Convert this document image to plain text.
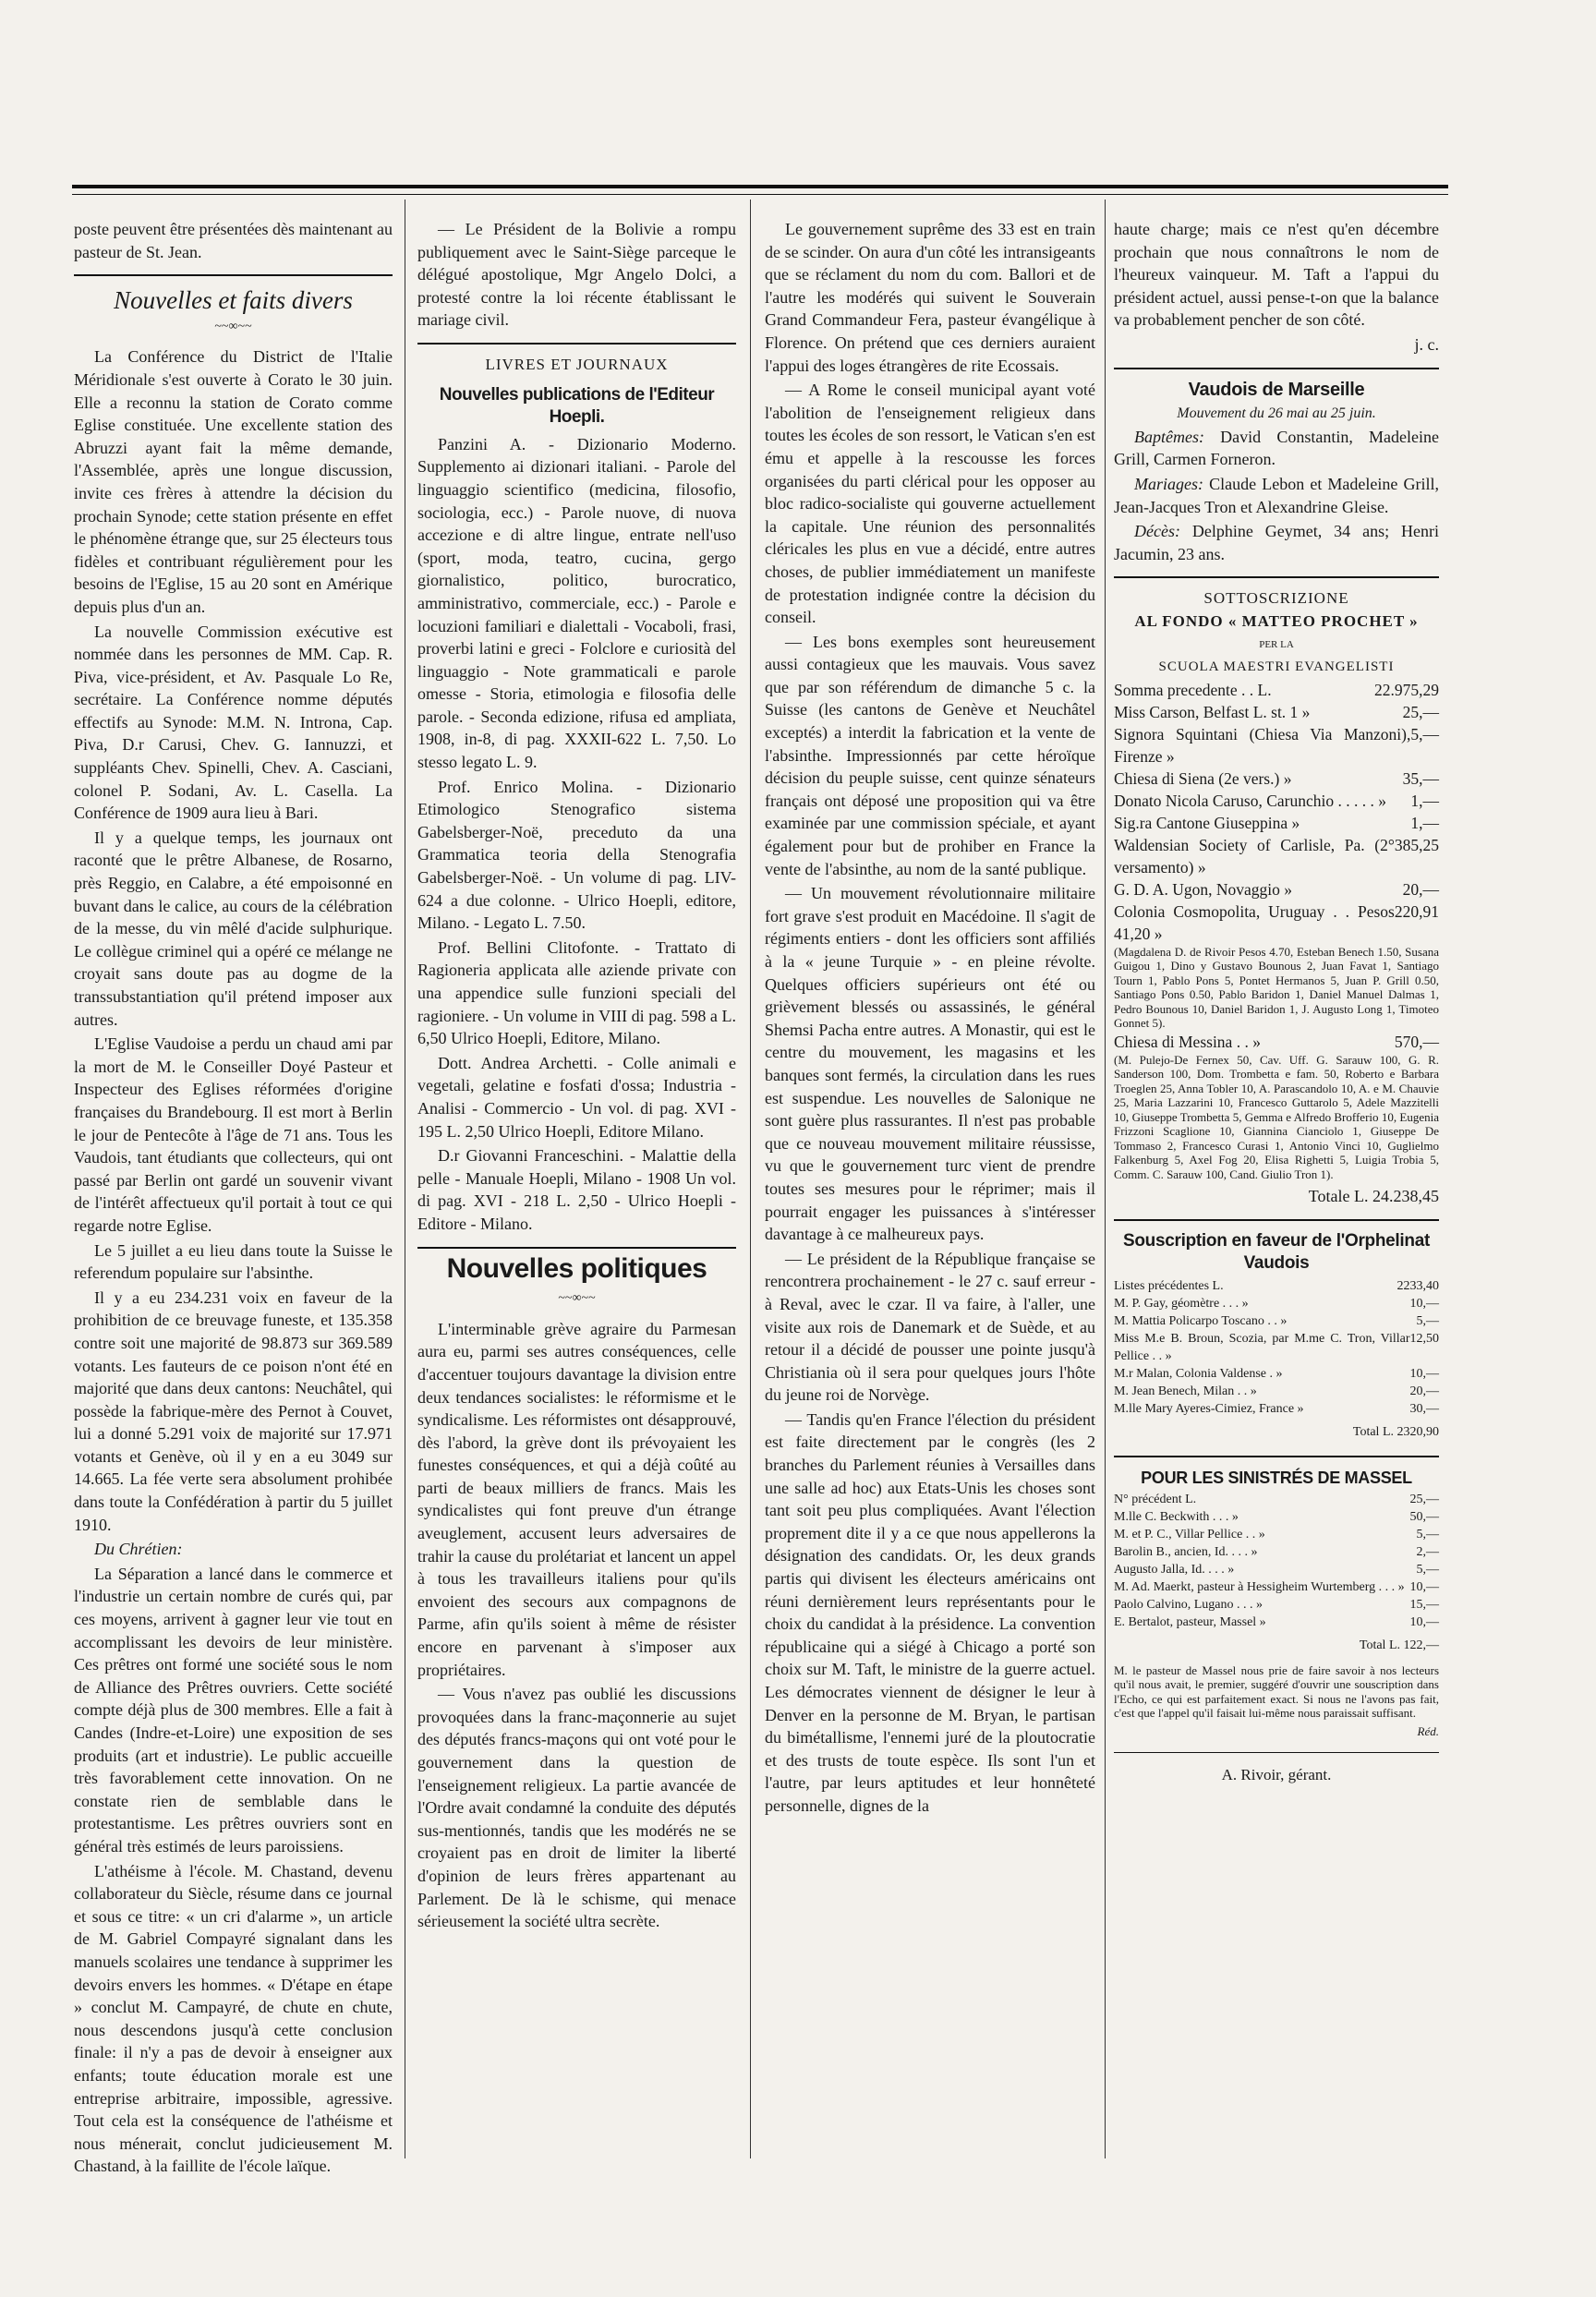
poste peuvent être présentées dès maintenant au pasteur de St. Jean.

Nouvelles et faits divers
~~∞~~

La Conférence du District de l'Italie Méridionale s'est ouverte à Corato le 30 juin. Elle a reconnu la station de Corato comme Eglise constituée. Une excellente station des Abruzzi ayant fait la même demande, l'Assemblée, après une longue discussion, invite ces frères à attendre la décision du prochain Synode; cette station présente en effet le phénomène étrange que, sur 25 électeurs tous fidèles et contribuant régulièrement pour les besoins de l'Eglise, 15 au 20 sont en Amérique depuis plus d'un an.

La nouvelle Commission exécutive est nommée dans les personnes de MM. Cap. R. Piva, vice-président, et Av. Pasquale Lo Re, secrétaire. La Conférence nomme députés effectifs au Synode: M.M. N. Introna, Cap. Piva, D.r Carusi, Chev. G. Iannuzzi, et suppléants Chev. Spinelli, Chev. A. Casciani, colonel P. Sodani, Av. L. Casella. La Conférence de 1909 aura lieu à Bari.

Il y a quelque temps, les journaux ont raconté que le prêtre Albanese, de Rosarno, près Reggio, en Calabre, a été empoisonné en buvant dans le calice, au cours de la célébration de la messe, du vin mêlé d'acide sulphurique. Le collègue criminel qui a opéré ce mélange ne croyait sans doute pas au dogme de la transsubstantiation qu'il prétend imposer aux autres.

L'Eglise Vaudoise a perdu un chaud ami par la mort de M. le Conseiller Doyé Pasteur et Inspecteur des Eglises réformées d'origine françaises du Brandebourg. Il est mort à Berlin le jour de Pentecôte à l'âge de 71 ans. Tous les Vaudois, tant étudiants que collecteurs, qui ont passé par Berlin ont gardé un souvenir vivant de l'intérêt affectueux qu'il portait à tout ce qui regarde notre Eglise.

Le 5 juillet a eu lieu dans toute la Suisse le referendum populaire sur l'absinthe.

Il y a eu 234.231 voix en faveur de la prohibition de ce breuvage funeste, et 135.358 contre soit une majorité de 98.873 sur 369.589 votants. Les fauteurs de ce poison n'ont été en majorité que dans deux cantons: Neuchâtel, qui possède la fabrique-mère des Pernot à Couvet, lui a donné 5.291 voix de majorité sur 17.971 votants et Genève, où il y en a eu 3049 sur 14.665. La fée verte sera absolument prohibée dans toute la Confédération à partir du 5 juillet 1910.

Du Chrétien:

La Séparation a lancé dans le commerce et l'industrie un certain nombre de curés qui, par ces moyens, arrivent à gagner leur vie tout en accomplissant les devoirs de leur ministère. Ces prêtres ont formé une société sous le nom de Alliance des Prêtres ouvriers. Cette société compte déjà plus de 300 membres. Elle a fait à Candes (Indre-et-Loire) une exposition de ses produits (art et industrie). Le public accueille très favorablement cette innovation. On ne constate rien de semblable dans le protestantisme. Les prêtres ouvriers sont en général très estimés de leurs paroissiens.

L'athéisme à l'école. M. Chastand, devenu collaborateur du Siècle, résume dans ce journal et sous ce titre: « un cri d'alarme », un article de M. Gabriel Compayré signalant dans les manuels scolaires une tendance à supprimer les devoirs envers les hommes. « D'étape en étape » conclut M. Campayré, de chute en chute, nous descendons jusqu'à cette conclusion finale: il n'y a pas de devoir à enseigner aux enfants; toute éducation morale est une entreprise arbitraire, impossible, agressive. Tout cela est la conséquence de l'athéisme et nous ménerait, conclut judicieusement M. Chastand, à la faillite de l'école laïque.

— Le Président de la Bolivie a rompu publiquement avec le Saint-Siège parceque le délégué apostolique, Mgr Angelo Dolci, a protesté contre la loi récente établissant le mariage civil.

LIVRES ET JOURNAUX

Nouvelles publications de l'Editeur Hoepli.

Panzini A. - Dizionario Moderno. Supplemento ai dizionari italiani. - Parole del linguaggio scientifico (medicina, filosofio, sociologia, ecc.) - Parole nuove, di nuova accezione e di altre lingue, entrate nell'uso (sport, moda, teatro, cucina, gergo giornalistico, politico, burocratico, amministrativo, commerciale, ecc.) - Parole e locuzioni familiari e dialettali - Vocaboli, frasi, proverbi latini e greci - Folclore e curiosità del linguaggio - Note grammaticali e parole omesse - Storia, etimologia e filosofia delle parole. - Seconda edizione, rifusa ed ampliata, 1908, in-8, di pag. XXXII-622 L. 7,50. Lo stesso legato L. 9.

Prof. Enrico Molina. - Dizionario Etimologico Stenografico sistema Gabelsberger-Noë, preceduto da una Grammatica teoria della Stenografia Gabelsberger-Noë. - Un volume di pag. LIV-624 a due colonne. - Ulrico Hoepli, editore, Milano. - Legato L. 7.50.

Prof. Bellini Clitofonte. - Trattato di Ragioneria applicata alle aziende private con una appendice sulle funzioni speciali del ragioniere. - Un volume in VIII di pag. 598 a L. 6,50 Ulrico Hoepli, Editore, Milano.

Dott. Andrea Archetti. - Colle animali e vegetali, gelatine e fosfati d'ossa; Industria - Analisi - Commercio - Un vol. di pag. XVI - 195 L. 2,50 Ulrico Hoepli, Editore Milano.

D.r Giovanni Franceschini. - Malattie della pelle - Manuale Hoepli, Milano - 1908 Un vol. di pag. XVI - 218 L. 2,50 - Ulrico Hoepli - Editore - Milano.

Nouvelles politiques
~~∞~~

L'interminable grève agraire du Parmesan aura eu, parmi ses autres conséquences, celle d'accentuer toujours davantage la division entre deux tendances socialistes: le réformisme et le syndicalisme. Les réformistes ont désapprouvé, dès l'abord, la grève dont ils prévoyaient les funestes conséquences, et qui a déjà coûté au parti de beaux milliers de francs. Mais les syndicalistes qui font preuve d'un étrange aveuglement, accusent leurs adversaires de trahir la cause du prolétariat et lancent un appel à tous les travailleurs italiens pour qu'ils envoient des secours aux compagnons de Parme, afin qu'ils soient à même de résister encore en parvenant à s'imposer aux propriétaires.

— Vous n'avez pas oublié les discussions provoquées dans la franc-maçonnerie au sujet des députés francs-maçons qui ont voté pour le gouvernement dans la question de l'enseignement religieux. La partie avancée de l'Ordre avait condamné la conduite des députés sus-mentionnés, tandis que les modérés ne se croyaient pas en droit de limiter la liberté d'opinion de leurs frères appartenant au Parlement. De là le schisme, qui menace sérieusement la société ultra secrète.

Le gouvernement suprême des 33 est en train de se scinder. On aura d'un côté les intransigeants que se réclament du nom du com. Ballori et de l'autre les modérés qui suivent le Souverain Grand Commandeur Fera, pasteur évangélique à Florence. On prétend que ces derniers auraient l'appui des loges étrangères de rite Ecossais.

— A Rome le conseil municipal ayant voté l'abolition de l'enseignement religieux dans toutes les écoles de son ressort, le Vatican s'en est ému et appelle à la rescousse les forces organisées du parti clérical pour les opposer au bloc radico-socialiste qui gouverne actuellement la capitale. Une réunion des personnalités cléricales les plus en vue a décidé, entre autres choses, de publier immédiatement un manifeste de protestation indignée contre la décision du conseil.

— Les bons exemples sont heureusement aussi contagieux que les mauvais. Vous savez que par son référendum de dimanche 5 c. la Suisse (les cantons de Genève et Neuchâtel exceptés) a interdit la fabrication et la vente de l'absinthe. Impressionnés par cette héroïque décision du peuple suisse, cent quinze sénateurs français ont déposé une proposition qui va être examinée par une commission spéciale, et ayant également pour but de prohiber en France la vente de l'absinthe, au nom de la santé publique.

— Un mouvement révolutionnaire militaire fort grave s'est produit en Macédoine. Il s'agit de régiments entiers - dont les officiers sont affiliés à la « jeune Turquie » - en pleine révolte. Quelques officiers supérieurs ont été ou grièvement blessés ou assassinés, le général Shemsi Pacha entre autres. A Monastir, qui est le centre du mouvement, les magasins et les banques sont fermés, la circulation dans les rues est suspendue. Les nouvelles de Salonique ne sont guère plus rassurantes. Il n'est pas probable que ce nouveau mouvement militaire réussisse, vu que le gouvernement turc vient de prendre toutes ses mesures pour le réprimer; mais il pourrait engager les puissances à s'intéresser davantage à ce malheureux pays.

— Le président de la République française se rencontrera prochainement - le 27 c. sauf erreur - à Reval, avec le czar. Il va faire, à l'aller, une visite aux rois de Danemark et de Suède, et au retour il a décidé de pousser une pointe jusqu'à Christiania où il sera pour quelques jours l'hôte du jeune roi de Norvège.

— Tandis qu'en France l'élection du président est faite directement par le congrès (les 2 branches du Parlement réunies à Versailles dans une salle ad hoc) aux Etats-Unis les choses sont tant soit peu plus compliquées. Avant l'élection proprement dite il y a ce que nous appellerons la désignation des candidats. Or, les deux grands partis qui divisent les électeurs américains ont réuni dernièrement leurs représentants pour le choix du candidat à la présidence. La convention républicaine qui a siégé à Chicago a porté son choix sur M. Taft, le ministre de la guerre actuel. Les démocrates viennent de désigner le leur à Denver en la personne de M. Bryan, le partisan du bimétallisme, l'ennemi juré de la ploutocratie et des trusts de toute espèce. Ils sont l'un et l'autre, par leurs aptitudes et leur honnêteté personnelle, dignes de la

haute charge; mais ce n'est qu'en décembre prochain que nous connaîtrons le nom de l'heureux vainqueur. M. Taft a l'appui du président actuel, aussi pense-t-on que la balance va probablement pencher de son côté.

j. c.
Vaudois de Marseille
Mouvement du 26 mai au 25 juin.

Baptêmes: David Constantin, Madeleine Grill, Carmen Forneron.

Mariages: Claude Lebon et Madeleine Grill, Jean-Jacques Tron et Alexandrine Gleise.

Décès: Delphine Geymet, 34 ans; Henri Jacumin, 23 ans.

SOTTOSCRIZIONE
AL FONDO « MATTEO PROCHET »
PER LA
SCUOLA MAESTRI EVANGELISTI
Somma precedente . . L.	22.975,29
Miss Carson, Belfast L. st. 1 »	25,—
Signora Squintani (Chiesa Via Manzoni), Firenze »
5,—
Chiesa di Siena (2e vers.) »	35,—
Donato Nicola Caruso, Carunchio . . . . . » 1,—
Sig.ra Cantone Giuseppina »	1,—
Waldensian Society of Carlisle, Pa. (2° versamento) »
385,25
G. D. A. Ugon, Novaggio »	20,—
Colonia Cosmopolita, Uruguay . . Pesos 41,20 »
220,91
(Magdalena D. de Rivoir Pesos 4.70, Esteban Benech 1.50, Susana Guigou 1, Dino y Gustavo Bounous 2, Juan Favat 1, Santiago Tourn 1, Pablo Pons 5, Pontet Hermanos 5, Juan P. Grill 0.50, Santiago Pons 0.50, Pablo Baridon 1, Daniel Manuel Dalmas 1, Pedro Bounous 10, Daniel Baridon 1, J. Augusto Long 1, Timoteo Gonnet 5).
Chiesa di Messina . . »	570,—
(M. Pulejo-De Fernex 50, Cav. Uff. G. Sarauw 100, G. R. Sanderson 100, Dom. Trombetta e fam. 50, Roberto e Barbara Troeglen 25, Anna Tobler 10, A. Parascandolo 10, A. e M. Chauvie 25, Maria Lazzarini 10, Francesco Guttarolo 5, Adele Mazzitelli 10, Giuseppe Trombetta 5, Gemma e Alfredo Brofferio 10, Eugenia Frizzoni Scaglione 10, Giannina Cianciolo 1, Giuseppe De Tommaso 2, Francesco Curasi 1, Antonio Vinci 10, Guglielmo Falkenburg 5, Axel Fog 20, Elisa Righetti 5, Luigia Trobia 5, Comm. C. Sarauw 100, Cand. Giulio Tron 1).
Totale L. 24.238,45
Souscription en faveur de l'Orphelinat Vaudois
Listes précédentes L.	2233,40
M. P. Gay, géomètre . . . »	10,—
M. Mattia Policarpo Toscano . . »	5,—
Miss M.e B. Broun, Scozia, par M.me C. Tron, Villar Pellice . . »
12,50
M.r Malan, Colonia Valdense . »	10,—
M. Jean Benech, Milan . . »	20,—
M.lle Mary Ayeres-Cimiez, France »	30,—
Total L. 2320,90
POUR LES SINISTRÉS DE MASSEL
N° précédent L.	25,—
M.lle C. Beckwith . . . »	50,—
M. et P. C., Villar Pellice . . »	5,—
Barolin B., ancien, Id. . . . »	2,—
Augusto Jalla, Id. . . . »	5,—
M. Ad. Maerkt, pasteur à Hessigheim Wurtemberg . . . » 10,—
Paolo Calvino, Lugano . . . »	15,—
E. Bertalot, pasteur, Massel »	10,—
Total L. 122,—
M. le pasteur de Massel nous prie de faire savoir à nos lecteurs qu'il nous avait, le premier, suggéré d'ouvrir une souscription dans l'Echo, ce qui est parfaitement exact. Si nous ne l'avons pas fait, c'est que l'appel qu'il faisait lui-même nous paraissait suffisant.
Réd.
A. Rivoir, gérant.
